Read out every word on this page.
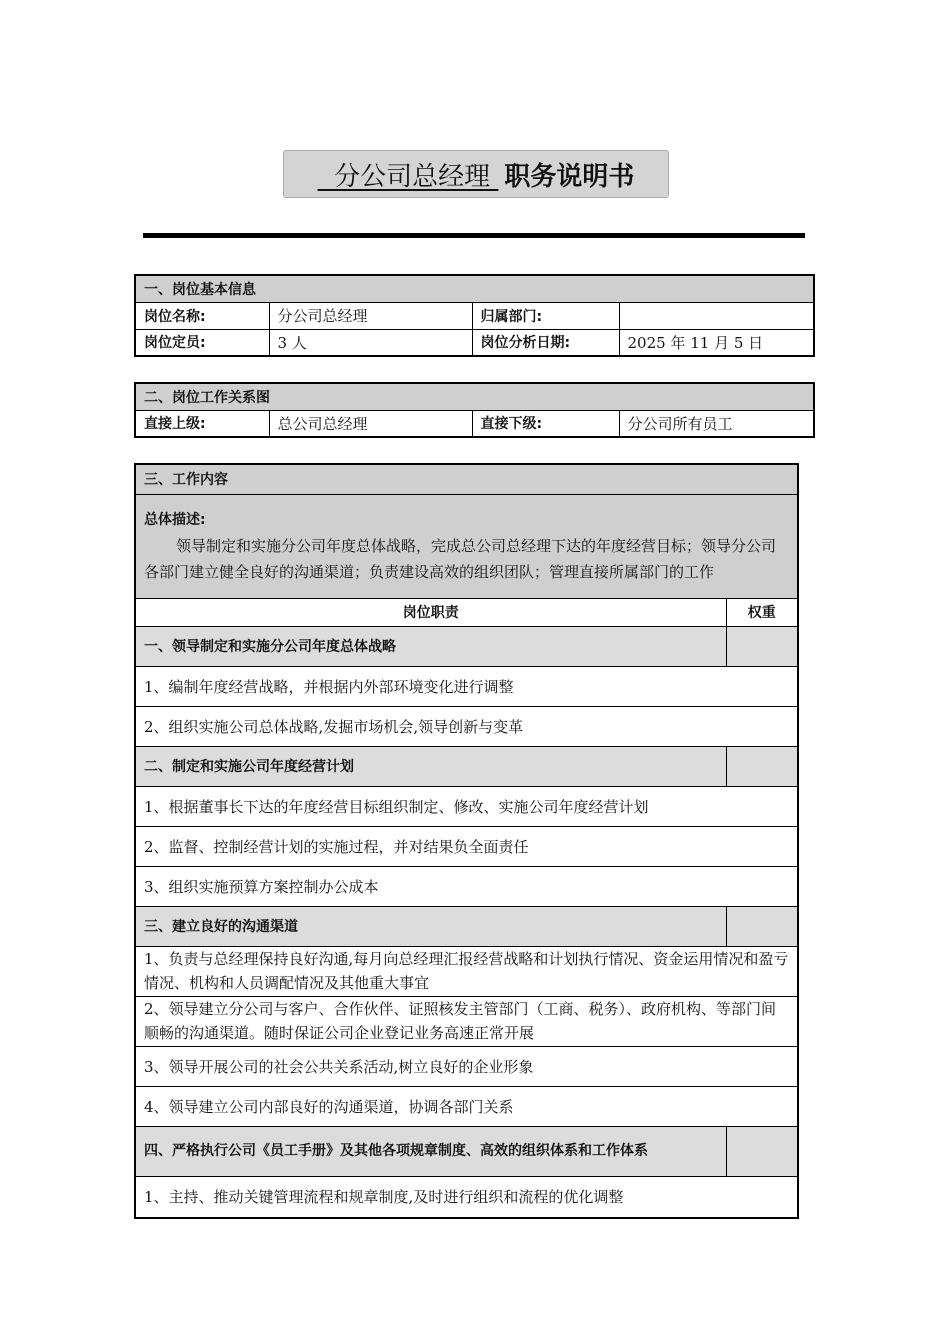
分公司总经理 职务说明书
一、岗位基本信息			
岗位名称:	分公司总经理	归属部门:	
岗位定员:	3 人	岗位分析日期:	2025 年 11 月 5 日
二、岗位工作关系图
直接上级:	总公司总经理	直接下级:	分公司所有员工
三、工作内容	

总体描述:
领导制定和实施分公司年度总体战略，完成总公司总经理下达的年度经营目标；领导分公司各部门建立健全良好的沟通渠道；负责建设高效的组织团队；管理直接所属部门的工作	

岗位职责	权重
一、领导制定和实施分公司年度总体战略	
1、编制年度经营战略，并根据内外部环境变化进行调整	
2、组织实施公司总体战略,发掘市场机会,领导创新与变革	
二、制定和实施公司年度经营计划	
1、根据董事长下达的年度经营目标组织制定、修改、实施公司年度经营计划	
2、监督、控制经营计划的实施过程，并对结果负全面责任	
3、组织实施预算方案控制办公成本	
三、建立良好的沟通渠道	
1、负责与总经理保持良好沟通,每月向总经理汇报经营战略和计划执行情况、资金运用情况和盈亏情况、机构和人员调配情况及其他重大事宜	
2、领导建立分公司与客户、合作伙伴、证照核发主管部门（工商、税务）、政府机构、等部门间顺畅的沟通渠道。随时保证公司企业登记业务高速正常开展	
3、领导开展公司的社会公共关系活动,树立良好的企业形象	
4、领导建立公司内部良好的沟通渠道，协调各部门关系	
四、严格执行公司《员工手册》及其他各项规章制度、高效的组织体系和工作体系	
1、主持、推动关键管理流程和规章制度,及时进行组织和流程的优化调整	
